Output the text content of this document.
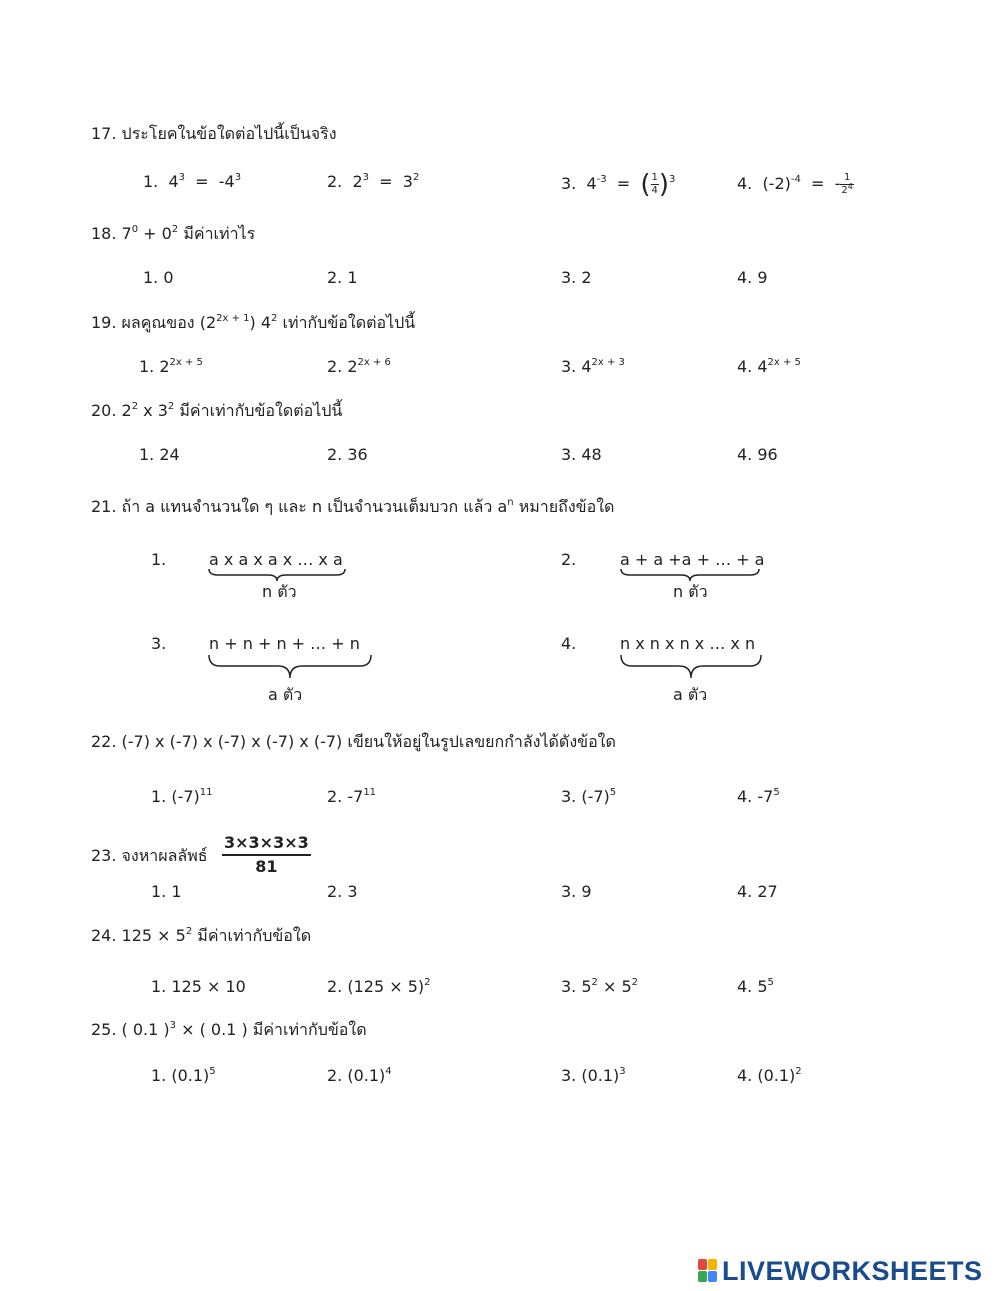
17. ประโยคในข้อใดต่อไปนี้เป็นจริง
1. $4^3 = -4^3$	2. $2^3 = 3^2$	3. $4^{-3}$ = ( $\frac{1}{4} )^3$	4. $(-2)^{-4}$ = - $\frac{1}{2^4}$
18. $7^0 + 0^2$ มีค่าเท่าไร
1. 0	2. 1	3. 2	4. 9
19. ผลคูณของ $(2^{2x + 1})$ $4^2$ เท่ากับข้อใดต่อไปนี้
1. $2^{2x + 5}$	2. $2^{2x + 6}$	3. $4^{2x + 3}$	4. $4^{2x + 5}$
20. $2^2$ x $3^2$ มีค่าเท่ากับข้อใดต่อไปนี้
1. 24	2. 36	3. 48	4. 96
21. ถ้า a แทนจำนวนใด ๆ และ n เป็นจำนวนเต็มบวก แล้ว $a^n$ หมายถึงข้อใด
1.	a x a x a x … x a
n ตัว
2.	a + a +a + … + a
n ตัว
3.	n + n + n + … + n
a ตัว
4.	n x n x n x … x n
a ตัว
22. (-7) x (-7) x (-7) x (-7) x (-7) เขียนให้อยู่ในรูปเลขยกกำลังได้ดังข้อใด
1. $(-7)^{11}$	2. $-7^{11}$	3. $(-7)^5$	4. $-7^5$
23. จงหาผลลัพธ์ $\frac{3\times 3\times 3\times 3}{81}$
1. 1	2. 3	3. 9	4. 27
24. $125 \times 5^2$ มีค่าเท่ากับข้อใด
1. 125 × 10	2. $(125 \times 5)^2$	3. $5^2 \times 5^2$	4. $5^5$
25. ( 0.1 )$^3$ × ( 0.1 ) มีค่าเท่ากับข้อใด
1. $(0.1)^5$	2. $(0.1)^4$	3. $(0.1)^3$	4. $(0.1)^2$
LIVEWORKSHEETS
